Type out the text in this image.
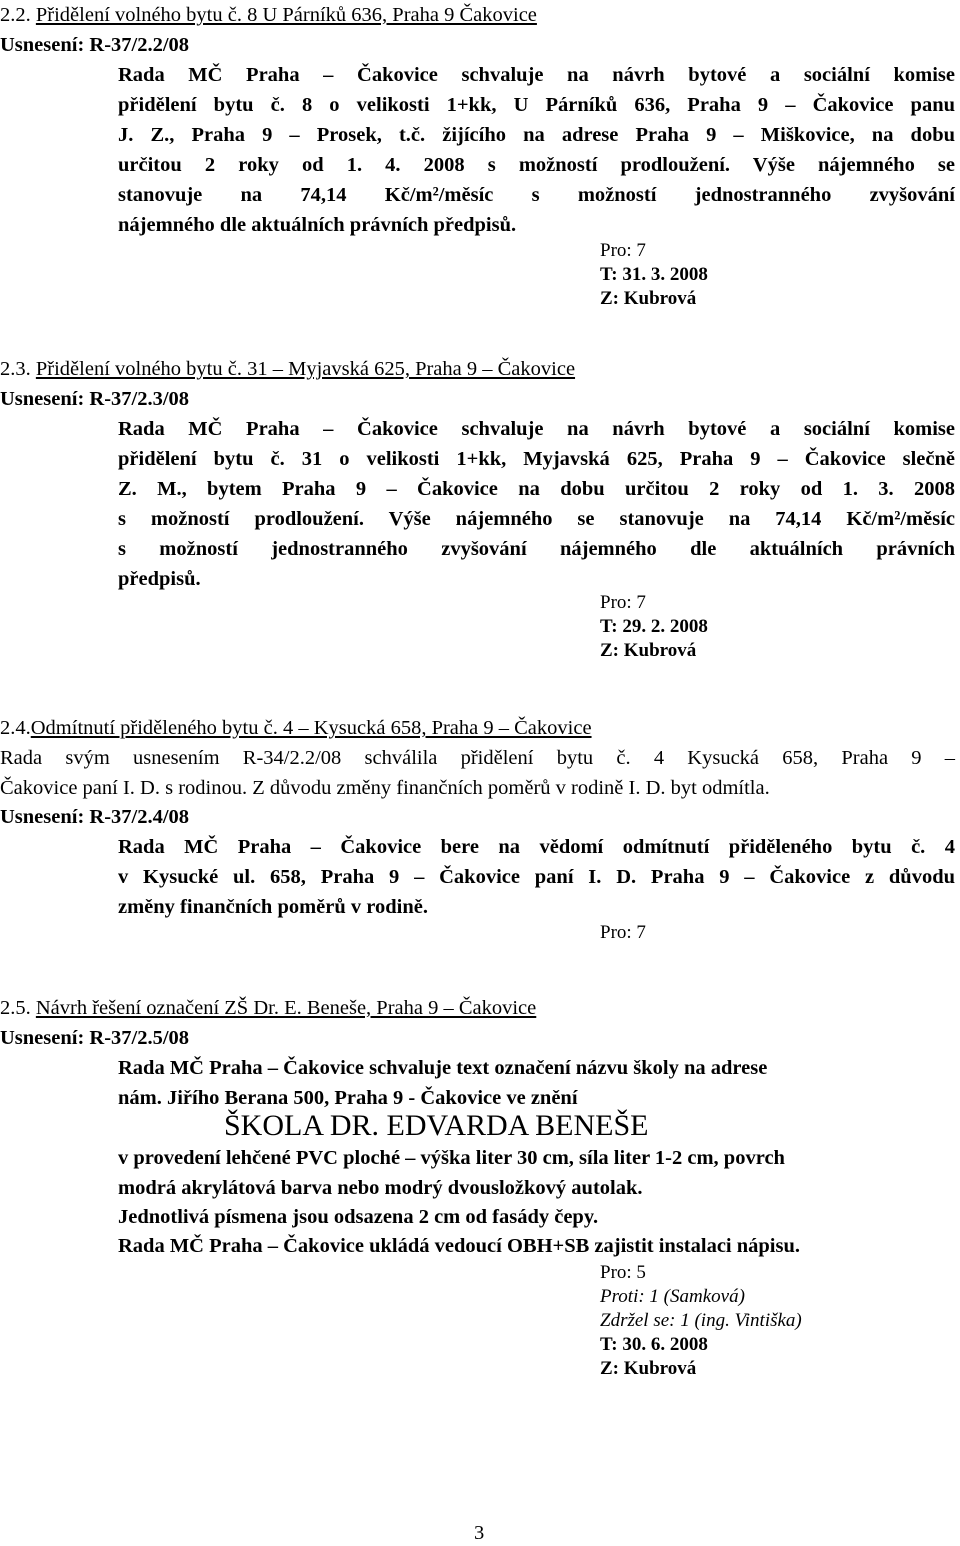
2.2. Přidělení volného bytu č. 8 U Párníků 636, Praha 9 Čakovice
Usnesení: R-37/2.2/08
Rada MČ Praha – Čakovice schvaluje na návrh bytové a sociální komise
přidělení bytu č. 8 o velikosti 1+kk, U Párníků 636, Praha 9 – Čakovice panu
J. Z., Praha 9 – Prosek, t.č. žijícího na adrese Praha 9 – Miškovice, na dobu
určitou 2 roky od 1. 4. 2008 s možností prodloužení. Výše nájemného se
stanovuje na 74,14 Kč/m²/měsíc s možností jednostranného zvyšování
nájemného dle aktuálních právních předpisů.
Pro: 7
T: 31. 3. 2008
Z: Kubrová
2.3. Přidělení volného bytu č. 31 – Myjavská 625, Praha 9 – Čakovice
Usnesení: R-37/2.3/08
Rada MČ Praha – Čakovice schvaluje na návrh bytové a sociální komise
přidělení bytu č. 31 o velikosti 1+kk, Myjavská 625, Praha 9 – Čakovice slečně
Z. M., bytem Praha 9 – Čakovice na dobu určitou 2 roky od 1. 3. 2008
s možností prodloužení. Výše nájemného se stanovuje na 74,14 Kč/m²/měsíc
s možností jednostranného zvyšování nájemného dle aktuálních právních
předpisů.
Pro: 7
T: 29. 2. 2008
Z: Kubrová
2.4.Odmítnutí přiděleného bytu č. 4 – Kysucká 658, Praha 9 – Čakovice
Rada svým usnesením R-34/2.2/08 schválila přidělení bytu č. 4 Kysucká 658, Praha 9 –
Čakovice paní I. D. s rodinou. Z důvodu změny finančních poměrů v rodině I. D. byt odmítla.
Usnesení: R-37/2.4/08
Rada MČ Praha – Čakovice bere na vědomí odmítnutí přiděleného bytu č. 4
v Kysucké ul. 658, Praha 9 – Čakovice paní I. D. Praha 9 – Čakovice z důvodu
změny finančních poměrů v rodině.
Pro: 7
2.5. Návrh řešení označení ZŠ Dr. E. Beneše, Praha 9 – Čakovice
Usnesení: R-37/2.5/08
Rada MČ Praha – Čakovice schvaluje text označení názvu školy na adrese
nám. Jiřího Berana 500, Praha 9 - Čakovice ve znění
ŠKOLA DR. EDVARDA BENEŠE
v provedení lehčené PVC ploché – výška liter 30 cm, síla liter 1-2 cm, povrch
modrá akrylátová barva nebo modrý dvousložkový autolak.
Jednotlivá písmena jsou odsazena 2 cm od fasády čepy.
Rada MČ Praha – Čakovice ukládá vedoucí OBH+SB zajistit instalaci nápisu.
Pro: 5
Proti: 1 (Samková)
Zdržel se: 1 (ing. Vintiška)
T: 30. 6. 2008
Z: Kubrová
3
